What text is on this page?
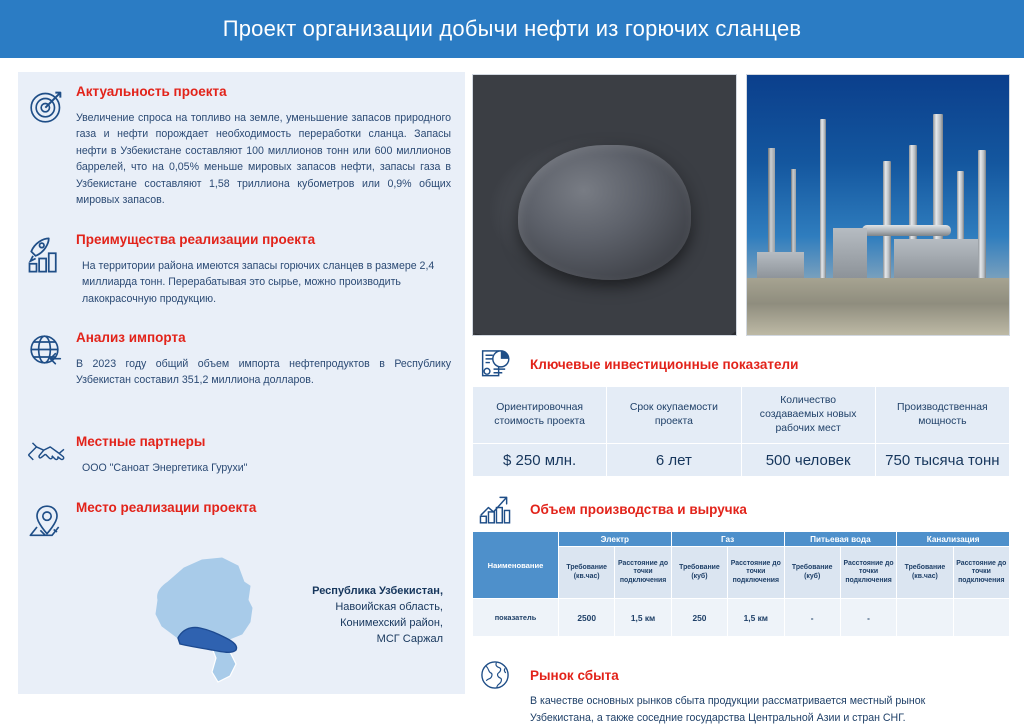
Проект организации добычи нефти из горючих сланцев
Актуальность проекта
Увеличение спроса на топливо на земле, уменьшение запасов природного газа и нефти порождает необходимость переработки сланца. Запасы нефти в Узбекистане составляют 100 миллионов тонн или 600 миллионов баррелей, что на 0,05% меньше мировых запасов нефти, запасы газа в Узбекистане составляют 1,58 триллиона кубометров или 0,9% общих мировых запасов.
Преимущества реализации проекта
На территории района имеются запасы горючих сланцев в размере 2,4 миллиарда тонн. Перерабатывая это сырье, можно производить лакокрасочную продукцию.
Анализ импорта
В 2023 году общий объем импорта нефтепродуктов в Республику Узбекистан составил 351,2 миллиона долларов.
Местные партнеры
ООО "Саноат Энергетика Гурухи"
Место реализации проекта
Республика Узбекистан,
Навоийская область,
Конимехский район,
МСГ Саржал
Ключевые инвестиционные показатели
Ориентировочная стоимость проекта	Срок окупаемости проекта	Количество создаваемых новых рабочих мест	Производственная мощность
$ 250 млн.	6 лет	500 человек	750 тысяча тонн
Объем производства и выручка
Наименование	Электр		Газ		Питьевая вода		Канализация	
	Требование (кв.час)	Расстояние до точки подключения	Требование (куб)	Расстояние до точки подключения	Требование (куб)	Расстояние до точки подключения	Требование (кв.час)	Расстояние до точки подключения
показатель	2500	1,5 км	250	1,5 км	-	-		
Рынок сбыта
В качестве основных рынков сбыта продукции рассматривается местный рынок Узбекистана, а также соседние государства Центральной Азии и стран СНГ.
